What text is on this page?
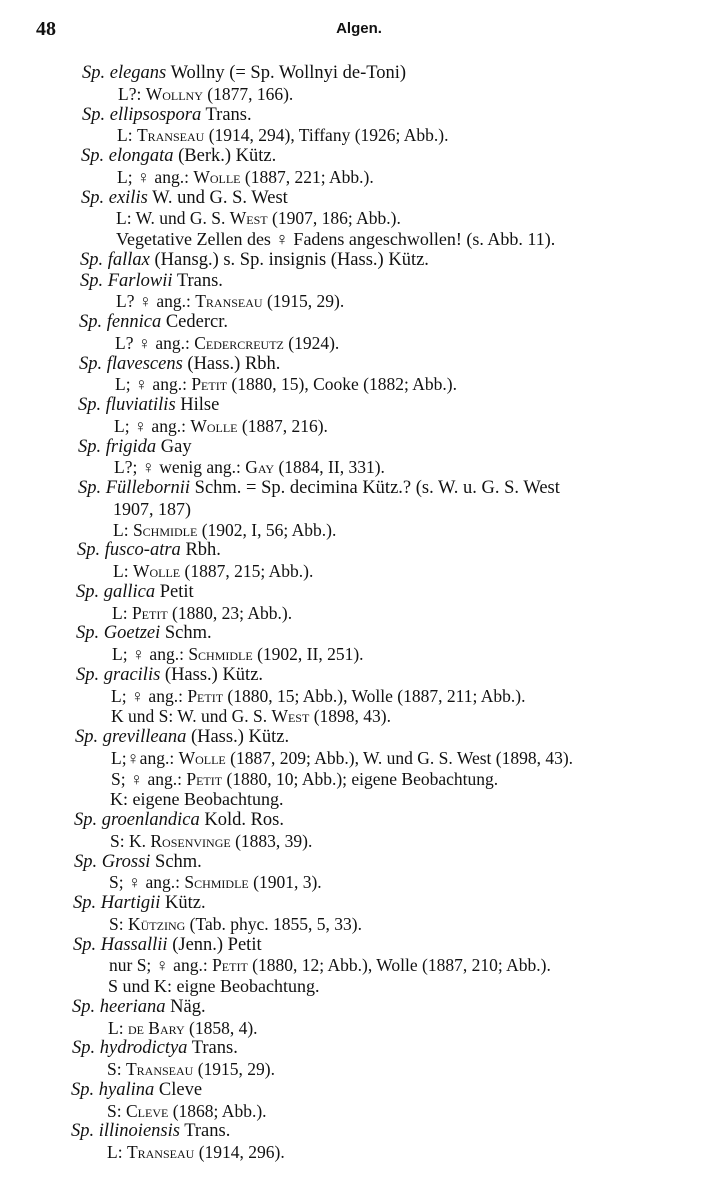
48	Algen.
Sp. elegans Wollny (= Sp. Wollnyi de-Toni)
L?: Wollny (1877, 166).
Sp. ellipsospora Trans.
L: Transeau (1914, 294), Tiffany (1926; Abb.).
Sp. elongata (Berk.) Kütz.
L; ♀ ang.: Wolle (1887, 221; Abb.).
Sp. exilis W. und G. S. West
L: W. und G. S. West (1907, 186; Abb.).
Vegetative Zellen des ♀ Fadens angeschwollen! (s. Abb. 11).
Sp. fallax (Hansg.) s. Sp. insignis (Hass.) Kütz.
Sp. Farlowii Trans.
L? ♀ ang.: Transeau (1915, 29).
Sp. fennica Cedercr.
L? ♀ ang.: Cedercreutz (1924).
Sp. flavescens (Hass.) Rbh.
L; ♀ ang.: Petit (1880, 15), Cooke (1882; Abb.).
Sp. fluviatilis Hilse
L; ♀ ang.: Wolle (1887, 216).
Sp. frigida Gay
L?; ♀ wenig ang.: Gay (1884, II, 331).
Sp. Füllebornii Schm. = Sp. decimina Kütz.? (s. W. u. G. S. West
1907, 187)
L: Schmidle (1902, I, 56; Abb.).
Sp. fusco-atra Rbh.
L: Wolle (1887, 215; Abb.).
Sp. gallica Petit
L: Petit (1880, 23; Abb.).
Sp. Goetzei Schm.
L; ♀ ang.: Schmidle (1902, II, 251).
Sp. gracilis (Hass.) Kütz.
L; ♀ ang.: Petit (1880, 15; Abb.), Wolle (1887, 211; Abb.).
K und S: W. und G. S. West (1898, 43).
Sp. grevilleana (Hass.) Kütz.
L;♀ang.: Wolle (1887, 209; Abb.), W. und G. S. West (1898, 43).
S; ♀ ang.: Petit (1880, 10; Abb.); eigene Beobachtung.
K: eigene Beobachtung.
Sp. groenlandica Kold. Ros.
S: K. Rosenvinge (1883, 39).
Sp. Grossi Schm.
S; ♀ ang.: Schmidle (1901, 3).
Sp. Hartigii Kütz.
S: Kützing (Tab. phyc. 1855, 5, 33).
Sp. Hassallii (Jenn.) Petit
nur S; ♀ ang.: Petit (1880, 12; Abb.), Wolle (1887, 210; Abb.).
S und K: eigne Beobachtung.
Sp. heeriana Näg.
L: de Bary (1858, 4).
Sp. hydrodictya Trans.
S: Transeau (1915, 29).
Sp. hyalina Cleve
S: Cleve (1868; Abb.).
Sp. illinoiensis Trans.
L: Transeau (1914, 296).
